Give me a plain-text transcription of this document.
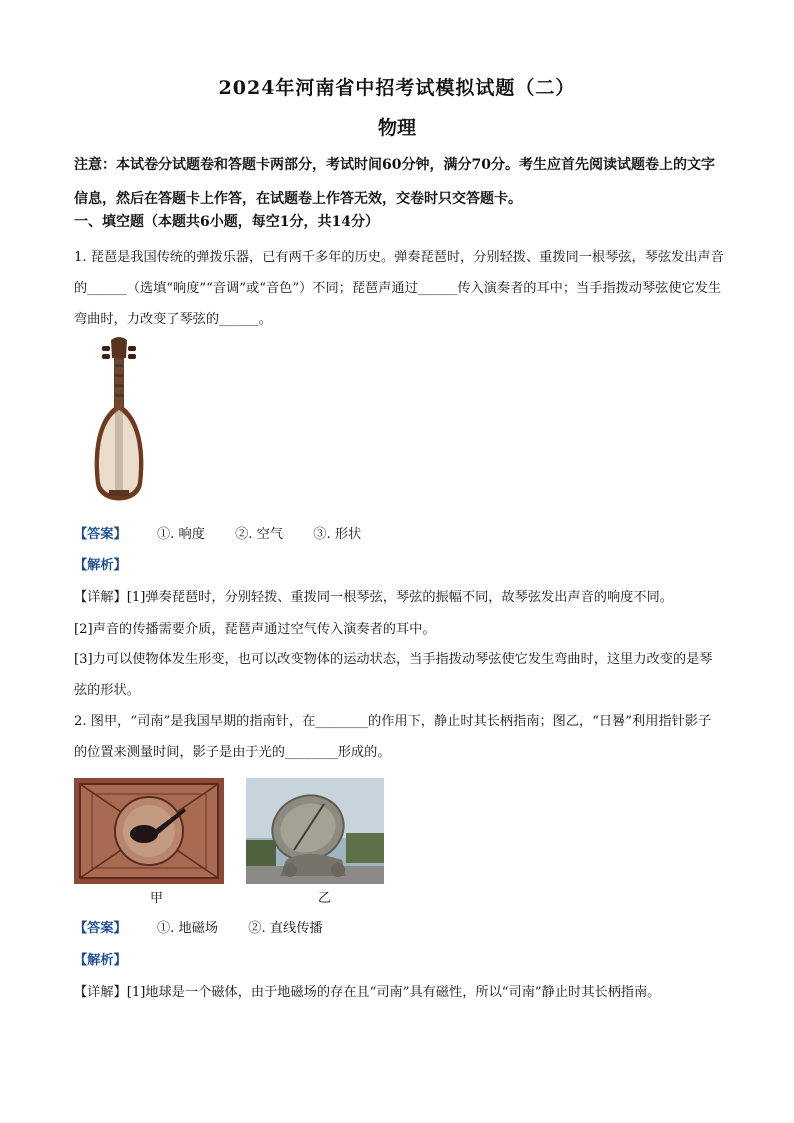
2024年河南省中招考试模拟试题（二）
物理
注意：本试卷分试题卷和答题卡两部分，考试时间60分钟，满分70分。考生应首先阅读试题卷上的文字信息，然后在答题卡上作答，在试题卷上作答无效，交卷时只交答题卡。
一、填空题（本题共6小题，每空1分，共14分）
1. 琵琶是我国传统的弹拨乐器，已有两千多年的历史。弹奏琵琶时，分别轻拨、重拨同一根琴弦，琴弦发出声音的______（选填“响度”“音调”或“音色”）不同；琵琶声通过______传入演奏者的耳中；当手指拨动琴弦使它发生弯曲时，力改变了琴弦的______。
【答案】 ①. 响度 ②. 空气 ③. 形状
【解析】
【详解】[1]弹奏琵琶时，分别轻拨、重拨同一根琴弦，琴弦的振幅不同，故琴弦发出声音的响度不同。
[2]声音的传播需要介质，琵琶声通过空气传入演奏者的耳中。
[3]力可以使物体发生形变，也可以改变物体的运动状态，当手指拨动琴弦使它发生弯曲时，这里力改变的是琴弦的形状。
2. 图甲，“司南”是我国早期的指南针，在________的作用下，静止时其长柄指南；图乙，“日晷”利用指针影子的位置来测量时间，影子是由于光的________形成的。
甲	乙
【答案】 ①. 地磁场 ②. 直线传播
【解析】
【详解】[1]地球是一个磁体，由于地磁场的存在且“司南”具有磁性，所以“司南”静止时其长柄指南。
